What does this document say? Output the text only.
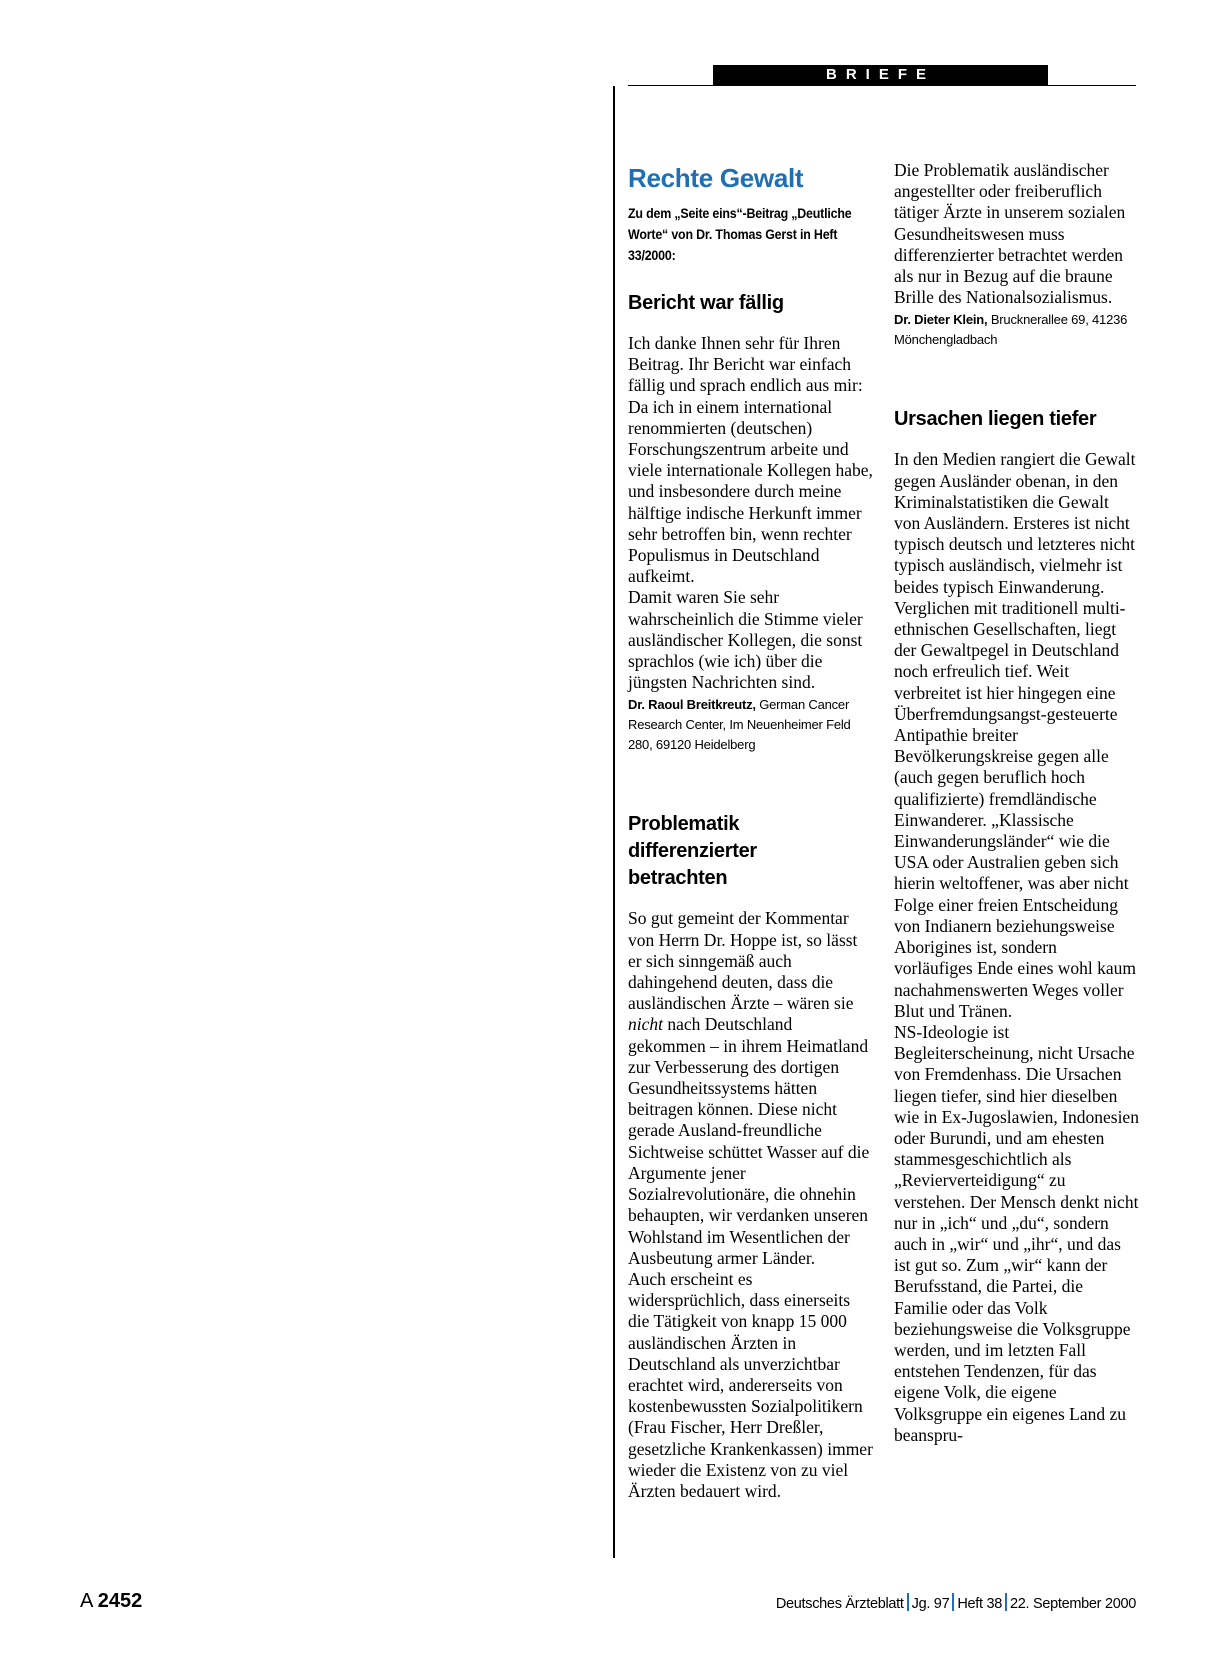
BRIEFE
Rechte Gewalt
Zu dem „Seite eins“-Beitrag „Deutliche Worte“ von Dr. Thomas Gerst in Heft 33/2000:
Bericht war fällig

Ich danke Ihnen sehr für Ihren Beitrag. Ihr Bericht war einfach fällig und sprach endlich aus mir:

Da ich in einem international renommierten (deutschen) Forschungszentrum arbeite und viele internationale Kollegen habe, und insbesondere durch meine hälftige indische Herkunft immer sehr betroffen bin, wenn rechter Populismus in Deutschland aufkeimt.

Damit waren Sie sehr wahrscheinlich die Stimme vieler ausländischer Kollegen, die sonst sprachlos (wie ich) über die jüngsten Nachrichten sind.

Dr. Raoul Breitkreutz, German Cancer Research Center, Im Neuenheimer Feld 280, 69120 Heidelberg
Problematik differenzierter betrachten

So gut gemeint der Kommentar von Herrn Dr. Hoppe ist, so lässt er sich sinngemäß auch dahingehend deuten, dass die ausländischen Ärzte – wären sie nicht nach Deutschland gekommen – in ihrem Heimatland zur Verbesserung des dortigen Gesundheitssystems hätten beitragen können. Diese nicht gerade Ausland-freundliche Sichtweise schüttet Wasser auf die Argumente jener Sozialrevolutionäre, die ohnehin behaupten, wir verdanken unseren Wohlstand im Wesentlichen der Ausbeutung armer Länder.

Auch erscheint es widersprüchlich, dass einerseits die Tätigkeit von knapp 15 000 ausländischen Ärzten in Deutschland als unverzichtbar erachtet wird, andererseits von kostenbewussten Sozialpolitikern (Frau Fischer, Herr Dreßler, gesetzliche Krankenkassen) immer wieder die Existenz von zu viel Ärzten bedauert wird.

Die Problematik ausländischer angestellter oder freiberuflich tätiger Ärzte in unserem sozialen Gesundheitswesen muss differenzierter betrachtet werden als nur in Bezug auf die braune Brille des Nationalsozialismus.

Dr. Dieter Klein, Brucknerallee 69, 41236 Mönchengladbach
Ursachen liegen tiefer

In den Medien rangiert die Gewalt gegen Ausländer obenan, in den Kriminalstatistiken die Gewalt von Ausländern. Ersteres ist nicht typisch deutsch und letzteres nicht typisch ausländisch, vielmehr ist beides typisch Einwanderung.

Verglichen mit traditionell multi-ethnischen Gesellschaften, liegt der Gewaltpegel in Deutschland noch erfreulich tief. Weit verbreitet ist hier hingegen eine Überfremdungsangst-gesteuerte Antipathie breiter Bevölkerungskreise gegen alle (auch gegen beruflich hoch qualifizierte) fremdländische Einwanderer. „Klassische Einwanderungsländer“ wie die USA oder Australien geben sich hierin weltoffener, was aber nicht Folge einer freien Entscheidung von Indianern beziehungsweise Aborigines ist, sondern vorläufiges Ende eines wohl kaum nachahmenswerten Weges voller Blut und Tränen.

NS-Ideologie ist Begleiterscheinung, nicht Ursache von Fremdenhass. Die Ursachen liegen tiefer, sind hier dieselben wie in Ex-Jugoslawien, Indonesien oder Burundi, und am ehesten stammesgeschichtlich als „Revierverteidigung“ zu verstehen. Der Mensch denkt nicht nur in „ich“ und „du“, sondern auch in „wir“ und „ihr“, und das ist gut so. Zum „wir“ kann der Berufsstand, die Partei, die Familie oder das Volk beziehungsweise die Volksgruppe werden, und im letzten Fall entstehen Tendenzen, für das eigene Volk, die eigene Volksgruppe ein eigenes Land zu beanspru-

A 2452	Deutsches Ärzteblatt Jg. 97 Heft 38 22. September 2000
